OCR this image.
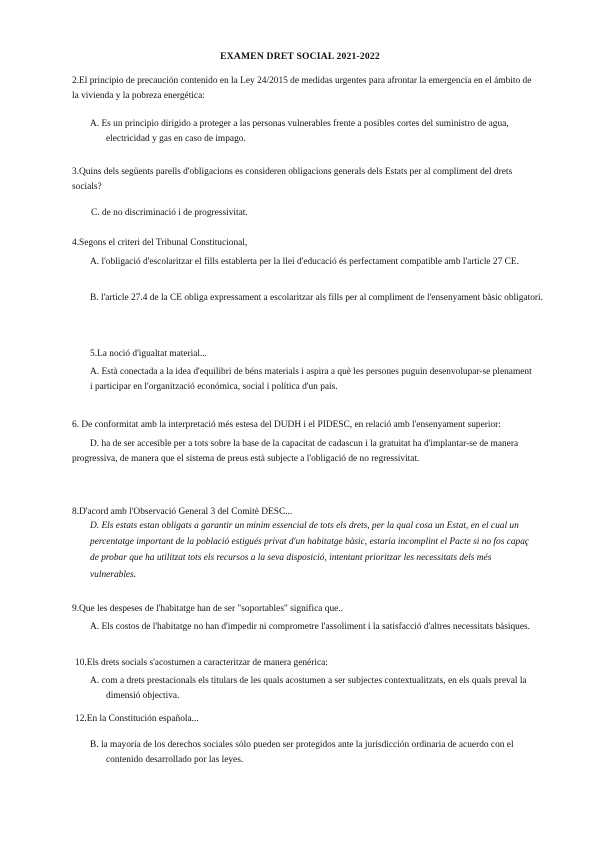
EXAMEN DRET SOCIAL 2021-2022

2.El principio de precaución contenido en la Ley 24/2015 de medidas urgentes para afrontar la emergencia en el ámbito de la vivienda y la pobreza energética:

A. Es un principio dirigido a proteger a las personas vulnerables frente a posibles cortes del suministro de agua, electricidad y gas en caso de impago.

3.Quins dels següents parells d'obligacions es consideren obligacions generals dels Estats per al compliment del drets socials?

C. de no discriminació i de progressivitat.

4.Segons el criteri del Tribunal Constitucional,

A. l'obligació d'escolaritzar el fills establerta per la llei d'educació és perfectament compatible amb l'article 27 CE.

B. l'article 27.4 de la CE obliga expressament a escolaritzar als fills per al compliment de l'ensenyament bàsic obligatori.

5.La noció d'igualtat material...

A. Està conectada a la idea d'equilibri de béns materials i aspira a què les persones puguin desenvolupar-se plenament i participar en l'organització económica, social i política d'un país.

6. De conformitat amb la interpretació més estesa del DUDH i el PIDESC, en relació amb l'ensenyament superior:

D. ha de ser accesible per a tots sobre la base de la capacitat de cadascun i la gratuitat ha d'implantar-se de manera progressiva, de manera que el sistema de preus està subjecte a l'obligació de no regressivitat.

8.D'acord amb l'Observació General 3 del Comitè DESC...

D. Els estats estan obligats a garantir un mínim essencial de tots els drets, per la qual cosa un Estat, en el cual un percentatge important de la població estigués privat d'un habitatge bàsic, estaria incomplint el Pacte si no fos capaç de probar que ha utilitzat tots els recursos a la seva disposició, intentant prioritzar les necessitats dels més vulnerables.

9.Que les despeses de l'habitatge han de ser "soportables" significa que..

A. Els costos de l'habitatge no han d'impedir ni comprometre l'assoliment i la satisfacció d'altres necessitats bàsiques.

10.Els drets socials s'acostumen a caracteritzar de manera genérica:

A. com a drets prestacionals els titulars de les quals acostumen a ser subjectes contextualitzats, en els quals preval la dimensió objectiva.

12.En la Constitución española...

B. la mayoría de los derechos sociales sólo pueden ser protegidos ante la jurisdicción ordinaria de acuerdo con el contenido desarrollado por las leyes.
